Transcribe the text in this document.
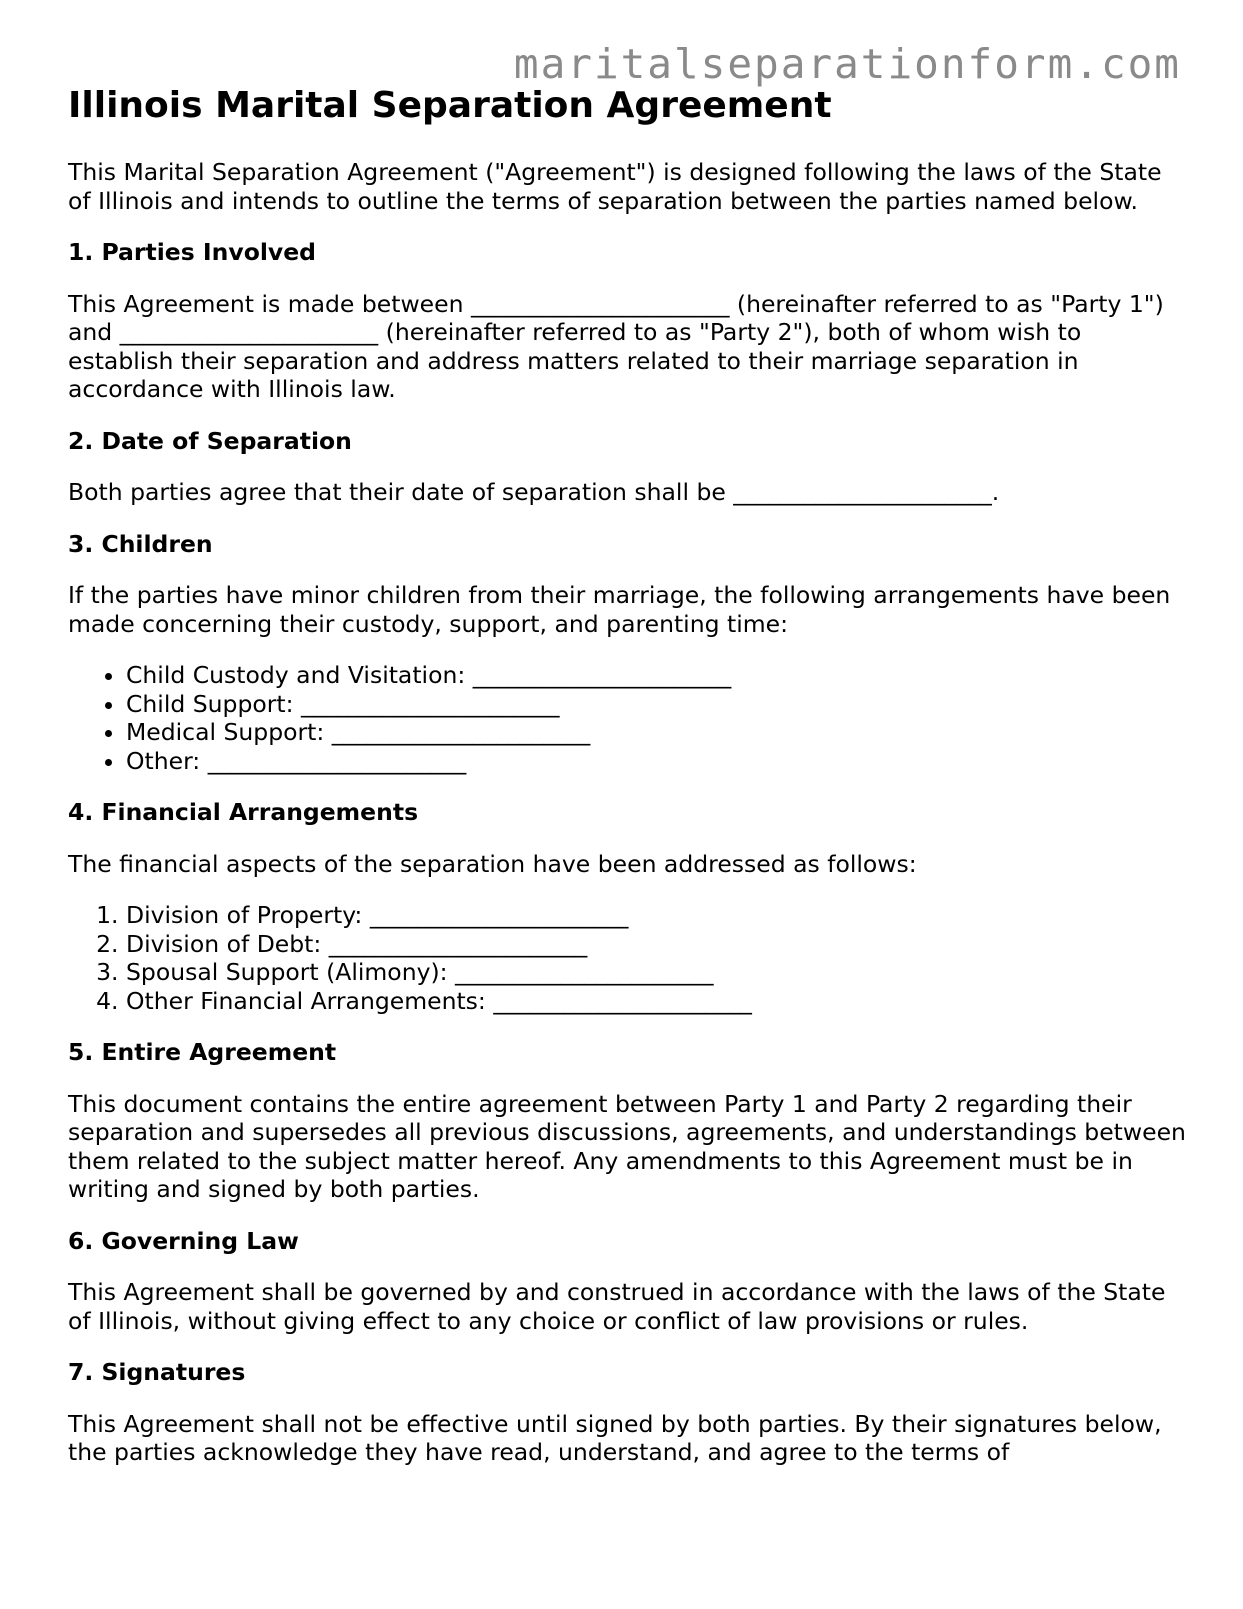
maritalseparationform.com
Illinois Marital Separation Agreement

This Marital Separation Agreement ("Agreement") is designed following the laws of the State of Illinois and intends to outline the terms of separation between the parties named below.

1. Parties Involved

This Agreement is made between ______________________ (hereinafter referred to as "Party 1") and ______________________ (hereinafter referred to as "Party 2"), both of whom wish to establish their separation and address matters related to their marriage separation in accordance with Illinois law.

2. Date of Separation

Both parties agree that their date of separation shall be ______________________.

3. Children

If the parties have minor children from their marriage, the following arrangements have been made concerning their custody, support, and parenting time:

• Child Custody and Visitation: ______________________
• Child Support: ______________________
• Medical Support: ______________________
• Other: ______________________
4. Financial Arrangements

The financial aspects of the separation have been addressed as follows:

1. Division of Property: ______________________
2. Division of Debt: ______________________
3. Spousal Support (Alimony): ______________________
4. Other Financial Arrangements: ______________________
5. Entire Agreement

This document contains the entire agreement between Party 1 and Party 2 regarding their separation and supersedes all previous discussions, agreements, and understandings between them related to the subject matter hereof. Any amendments to this Agreement must be in writing and signed by both parties.

6. Governing Law

This Agreement shall be governed by and construed in accordance with the laws of the State of Illinois, without giving effect to any choice or conflict of law provisions or rules.

7. Signatures

This Agreement shall not be effective until signed by both parties. By their signatures below, the parties acknowledge they have read, understand, and agree to the terms of
